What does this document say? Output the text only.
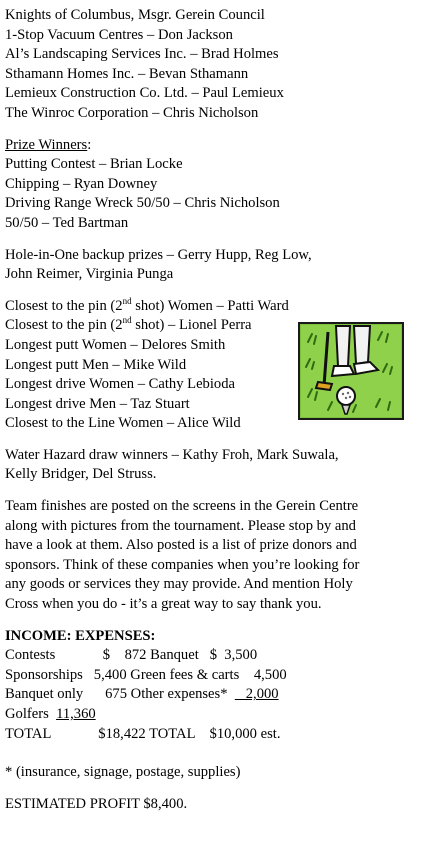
Knights of Columbus, Msgr. Gerein Council
1-Stop Vacuum Centres – Don Jackson
Al’s Landscaping Services Inc. – Brad Holmes
Sthamann Homes Inc. – Bevan Sthamann
Lemieux Construction Co. Ltd. – Paul Lemieux
The Winroc Corporation – Chris Nicholson
Prize Winners:
Putting Contest – Brian Locke
Chipping – Ryan Downey
Driving Range Wreck 50/50 – Chris Nicholson
50/50 – Ted Bartman
Hole-in-One backup prizes – Gerry Hupp, Reg Low,
John Reimer, Virginia Punga
Closest to the pin (2nd shot) Women – Patti Ward
Closest to the pin (2nd shot) – Lionel Perra
Longest putt Women – Delores Smith
Longest putt Men – Mike Wild
Longest drive Women – Cathy Lebioda
Longest drive Men – Taz Stuart
Closest to the Line Women – Alice Wild
Water Hazard draw winners – Kathy Froh, Mark Suwala,
Kelly Bridger, Del Struss.
Team finishes are posted on the screens in the Gerein Centre
along with pictures from the tournament. Please stop by and
have a look at them. Also posted is a list of prize donors and
sponsors. Think of these companies when you’re looking for
any goods or services they may provide. And mention Holy
Cross when you do - it’s a great way to say thank you.
INCOME: EXPENSES:
Contests             $    872 Banquet   $  3,500
Sponsorships   5,400 Green fees & carts    4,500
Banquet only      675 Other expenses*     2,000
Golfers  11,360
TOTAL             $18,422 TOTAL    $10,000 est.
* (insurance, signage, postage, supplies)
ESTIMATED PROFIT $8,400.
